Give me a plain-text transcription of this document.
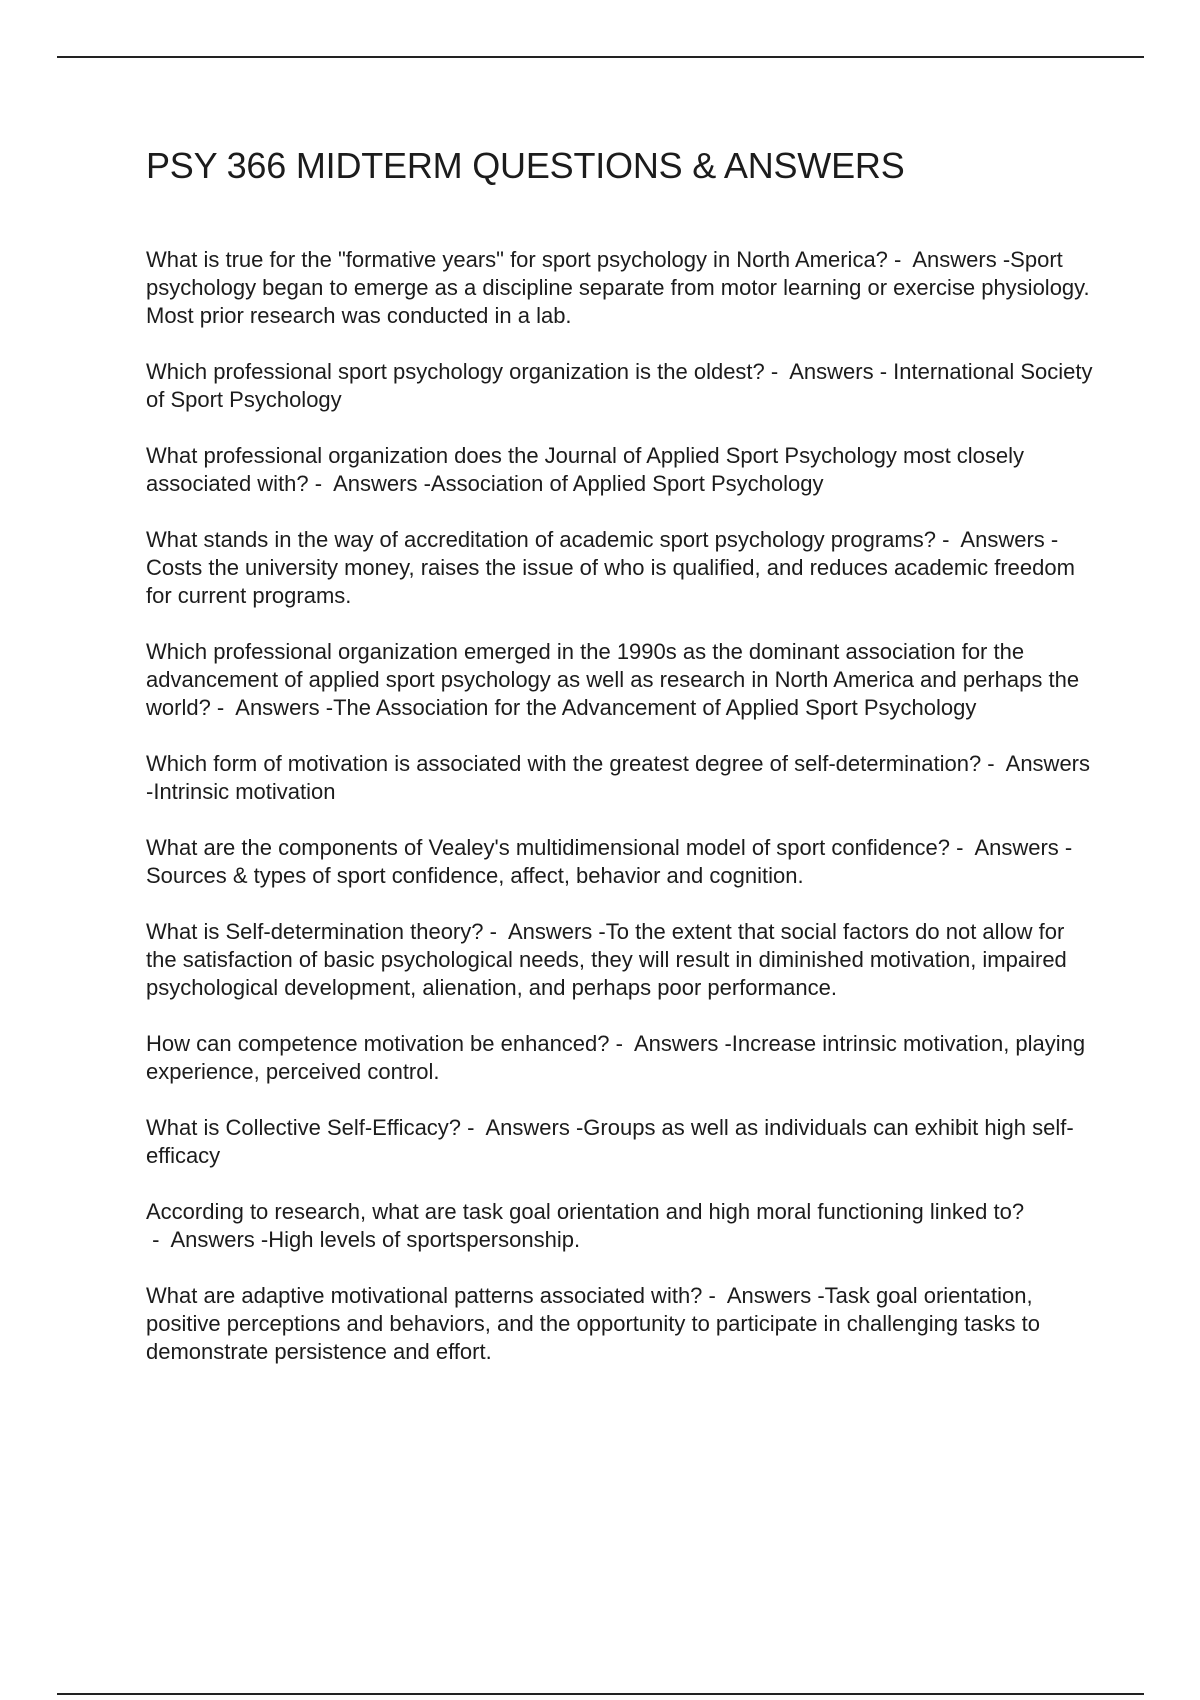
PSY 366 MIDTERM QUESTIONS & ANSWERS

What is true for the "formative years" for sport psychology in North America? - Answers -Sport psychology began to emerge as a discipline separate from motor learning or exercise physiology. Most prior research was conducted in a lab.

Which professional sport psychology organization is the oldest? - Answers - International Society of Sport Psychology

What professional organization does the Journal of Applied Sport Psychology most closely associated with? - Answers -Association of Applied Sport Psychology

What stands in the way of accreditation of academic sport psychology programs? - Answers -Costs the university money, raises the issue of who is qualified, and reduces academic freedom for current programs.

Which professional organization emerged in the 1990s as the dominant association for the advancement of applied sport psychology as well as research in North America and perhaps the world? - Answers -The Association for the Advancement of Applied Sport Psychology

Which form of motivation is associated with the greatest degree of self-determination? - Answers -Intrinsic motivation

What are the components of Vealey's multidimensional model of sport confidence? - Answers -Sources & types of sport confidence, affect, behavior and cognition.

What is Self-determination theory? - Answers -To the extent that social factors do not allow for the satisfaction of basic psychological needs, they will result in diminished motivation, impaired psychological development, alienation, and perhaps poor performance.

How can competence motivation be enhanced? - Answers -Increase intrinsic motivation, playing experience, perceived control.

What is Collective Self-Efficacy? - Answers -Groups as well as individuals can exhibit high self-efficacy

According to research, what are task goal orientation and high moral functioning linked to? - Answers -High levels of sportspersonship.

What are adaptive motivational patterns associated with? - Answers -Task goal orientation, positive perceptions and behaviors, and the opportunity to participate in challenging tasks to demonstrate persistence and effort.
